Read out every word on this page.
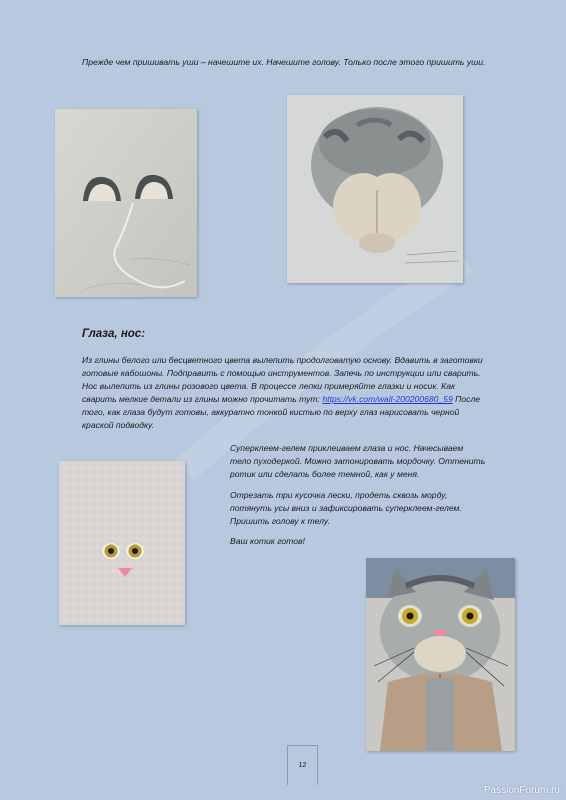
Прежде чем пришивать уши – начешите их. Начешите голову. Только после этого пришить уши.

Глаза, нос:

Из глины белого или бесцветного цвета вылепить продолговатую основу. Вдавить в заготовки готовые кабошоны. Подправить с помощью инструментов. Запечь по инструкции или сварить. Нос вылепить из глины розового цвета. В процессе лепки примеряйте глазки и носик. Как сварить мелкие детали из глины можно прочитать тут: https://vk.com/wall-200200680_59 После того, как глаза будут готовы, аккуратно тонкой кистью по верху глаз нарисовать черной краской подводку.

Суперклеем-гелем приклеиваем глаза и нос. Начесываем тело пуходеркой. Можно затонировать мордочку. Оттенить ротик или сделать более темной, как у меня.

Отрезать три кусочка лески, продеть сквозь морду, потянуть усы вниз и зафиксировать суперклеем-гелем. Пришить голову к телу.

Ваш котик готов!

12
PassionForum.ru
